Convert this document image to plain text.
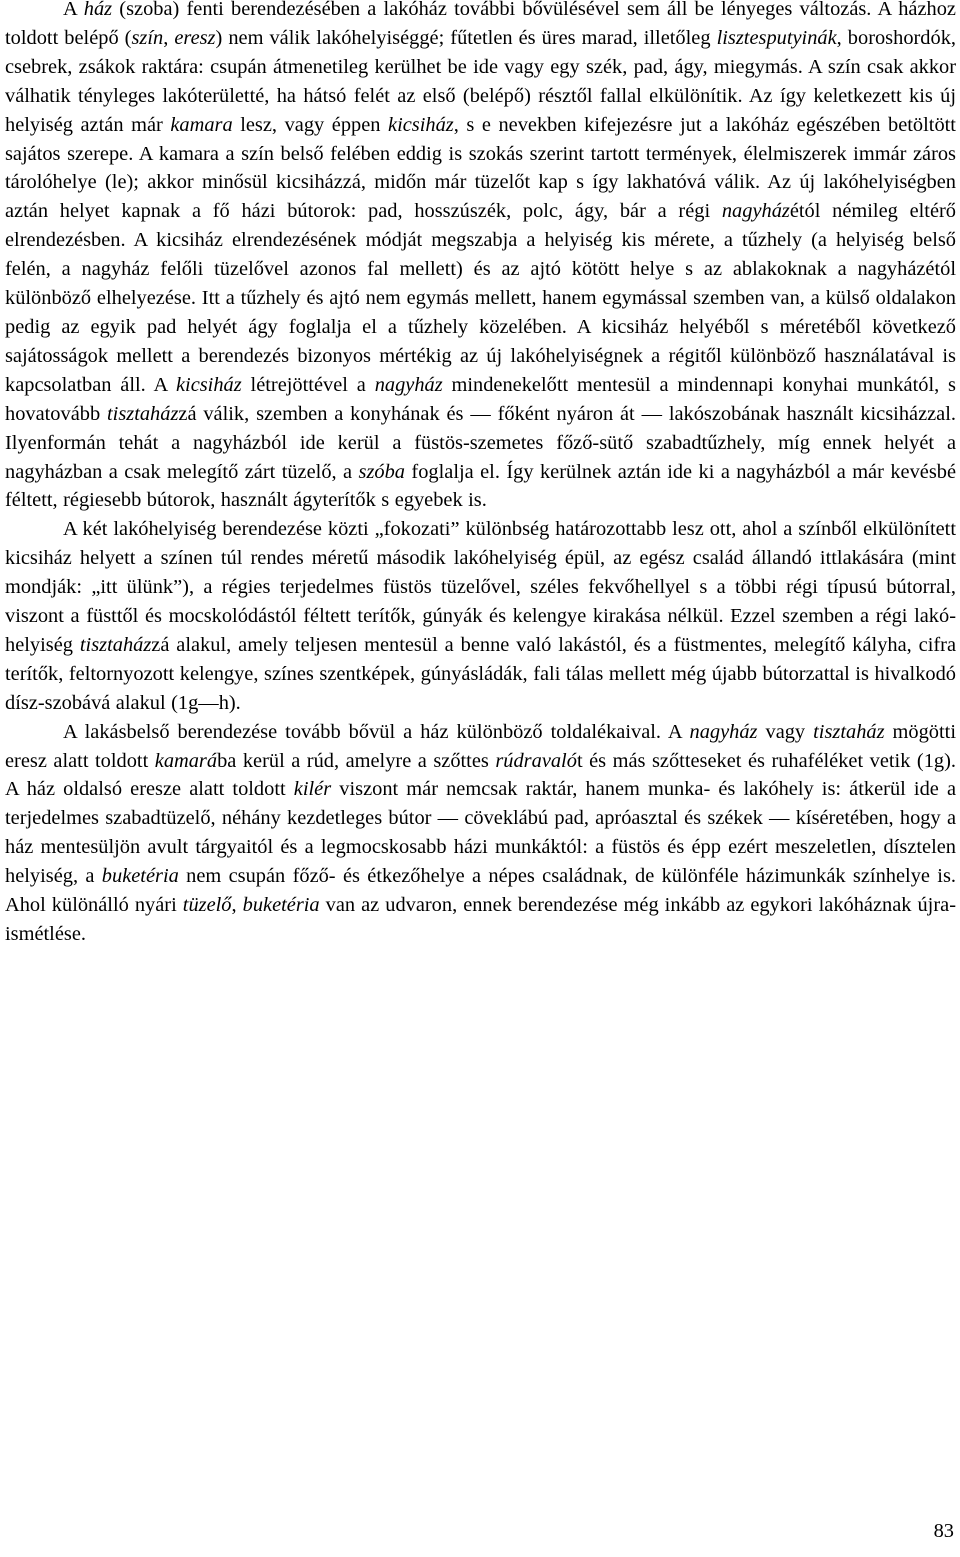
A ház (szoba) fenti berendezésében a lakóház további bővülésével sem áll be lényeges változás. A házhoz toldott belépő (szín, eresz) nem válik lakóhelyiséggé; fűtetlen és üres marad, illetőleg lisztesputyinák, boroshordók, csebrek, zsákok raktára: csupán átmenetileg kerülhet be ide vagy egy szék, pad, ágy, miegymás. A szín csak akkor válhatik tényleges lakóterületté, ha hátsó felét az első (belépő) résztől fallal elkülönítik. Az így keletkezett kis új helyiség aztán már kamara lesz, vagy éppen kicsiház, s e nevekben kifejezésre jut a lakóház egészében betöltött sajátos szerepe. A kamara a szín belső felében eddig is szokás szerint tartott termények, élelmiszerek immár záros tárolóhelye (le); akkor minősül kicsiházzá, midőn már tüzelőt kap s így lakhatóvá válik. Az új lakóhelyiségben aztán helyet kapnak a fő házi bútorok: pad, hosszúszék, polc, ágy, bár a régi nagyházétól némileg eltérő elrendezésben. A kicsiház elrendezésének módját megszabja a helyiség kis mérete, a tűzhely (a helyiség belső felén, a nagyház felőli tüzelővel azonos fal mellett) és az ajtó kötött helye s az ablakoknak a nagyházétól különböző elhelyezése. Itt a tűzhely és ajtó nem egymás mellett, hanem egymással szemben van, a külső oldalakon pedig az egyik pad helyét ágy foglalja el a tűzhely közelében. A kicsiház helyéből s méretéből következő sajátosságok mellett a berendezés bizonyos mértékig az új lakóhelyiségnek a régitől különböző használatával is kapcsolatban áll. A kicsiház létrejöttével a nagyház mindenekelőtt mentesül a mindennapi konyhai munkától, s hovatovább tisztaházzá válik, szemben a konyhának és — főként nyáron át — lakószobának használt kicsiházzal. Ilyenformán tehát a nagyházból ide kerül a füstös-szemetes főző-sütő szabadtűzhely, míg ennek helyét a nagyházban a csak melegítő zárt tüzelő, a szóba foglalja el. Így kerülnek aztán ide ki a nagyházból a már kevésbé féltett, régiesebb bútorok, használt ágyterítők s egyebek is.

A két lakóhelyiség berendezése közti „fokozati” különbség határozottabb lesz ott, ahol a színből elkülönített kicsiház helyett a színen túl rendes méretű második lakóhelyiség épül, az egész család állandó ittlakására (mint mondják: „itt ülünk”), a régies terjedelmes füstös tüzelővel, széles fekvőhellyel s a többi régi típusú bútorral, viszont a füsttől és mocskolódástól féltett terítők, gúnyák és kelengye kirakása nélkül. Ezzel szemben a régi lakóhelyiség tisztaházzá alakul, amely teljesen mentesül a benne való lakástól, és a füstmentes, melegítő kályha, cifra terítők, feltornyozott kelengye, színes szentképek, gúnyásládák, fali tálas mellett még újabb bútorzattal is hivalkodó dísz-szobává alakul (1g—h).

A lakásbelső berendezése tovább bővül a ház különböző toldalékaival. A nagyház vagy tisztaház mögötti eresz alatt toldott kamarába kerül a rúd, amelyre a szőttes rúdravalót és más szőtteseket és ruhaféléket vetik (1g). A ház oldalsó eresze alatt toldott kilér viszont már nemcsak raktár, hanem munka- és lakóhely is: átkerül ide a terjedelmes szabadtüzelő, néhány kezdetleges bútor — cöveklábú pad, apróasztal és székek — kíséretében, hogy a ház mentesüljön avult tárgyaitól és a legmocskosabb házi munkáktól: a füstös és épp ezért meszeletlen, dísztelen helyiség, a buketéria nem csupán főző- és étkezőhelye a népes családnak, de különféle házimunkák színhelye is. Ahol különálló nyári tüzelő, buketéria van az udvaron, ennek berendezése még inkább az egykori lakóháznak újra-ismétlése.

83
